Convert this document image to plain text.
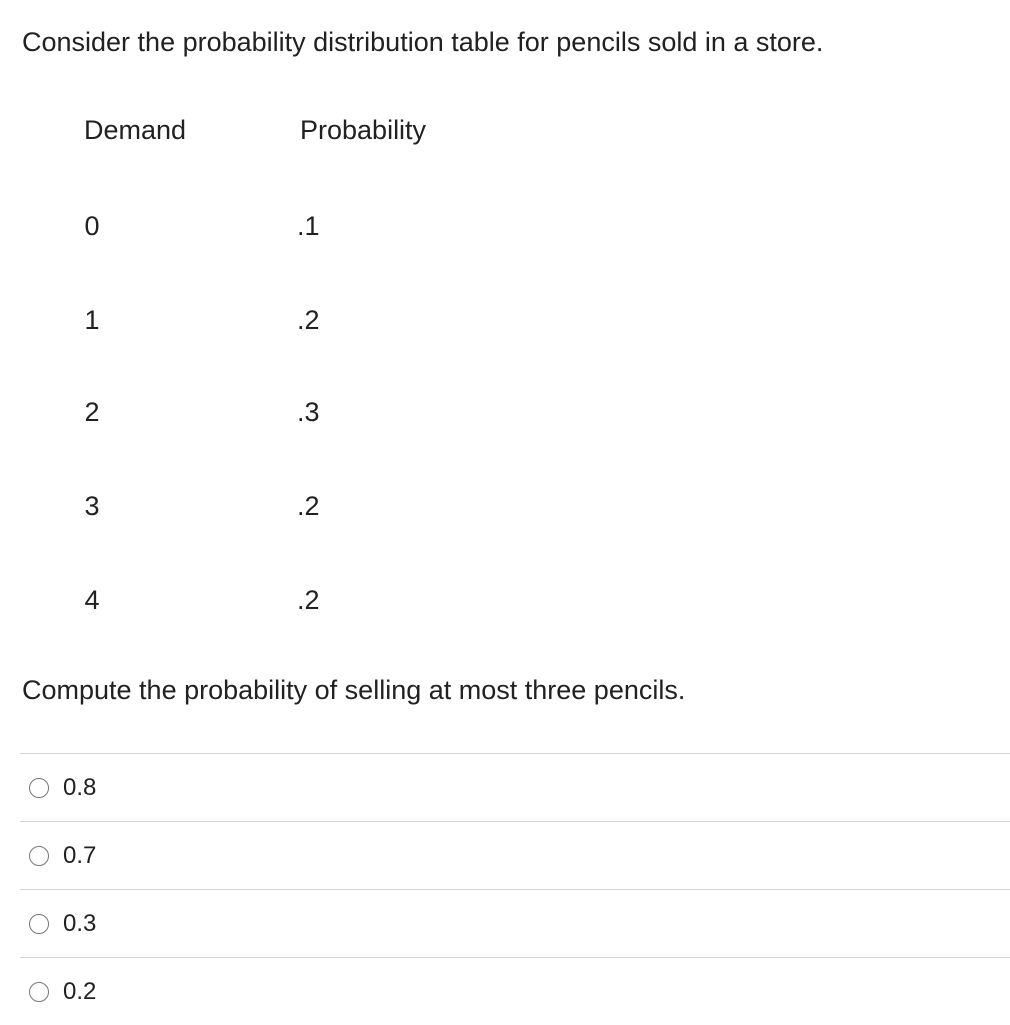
Consider the probability distribution table for pencils sold in a store.
Demand	Probability
0	.1
1	.2
2	.3
3	.2
4	.2
Compute the probability of selling at most three pencils.
0.8
0.7
0.3
0.2
